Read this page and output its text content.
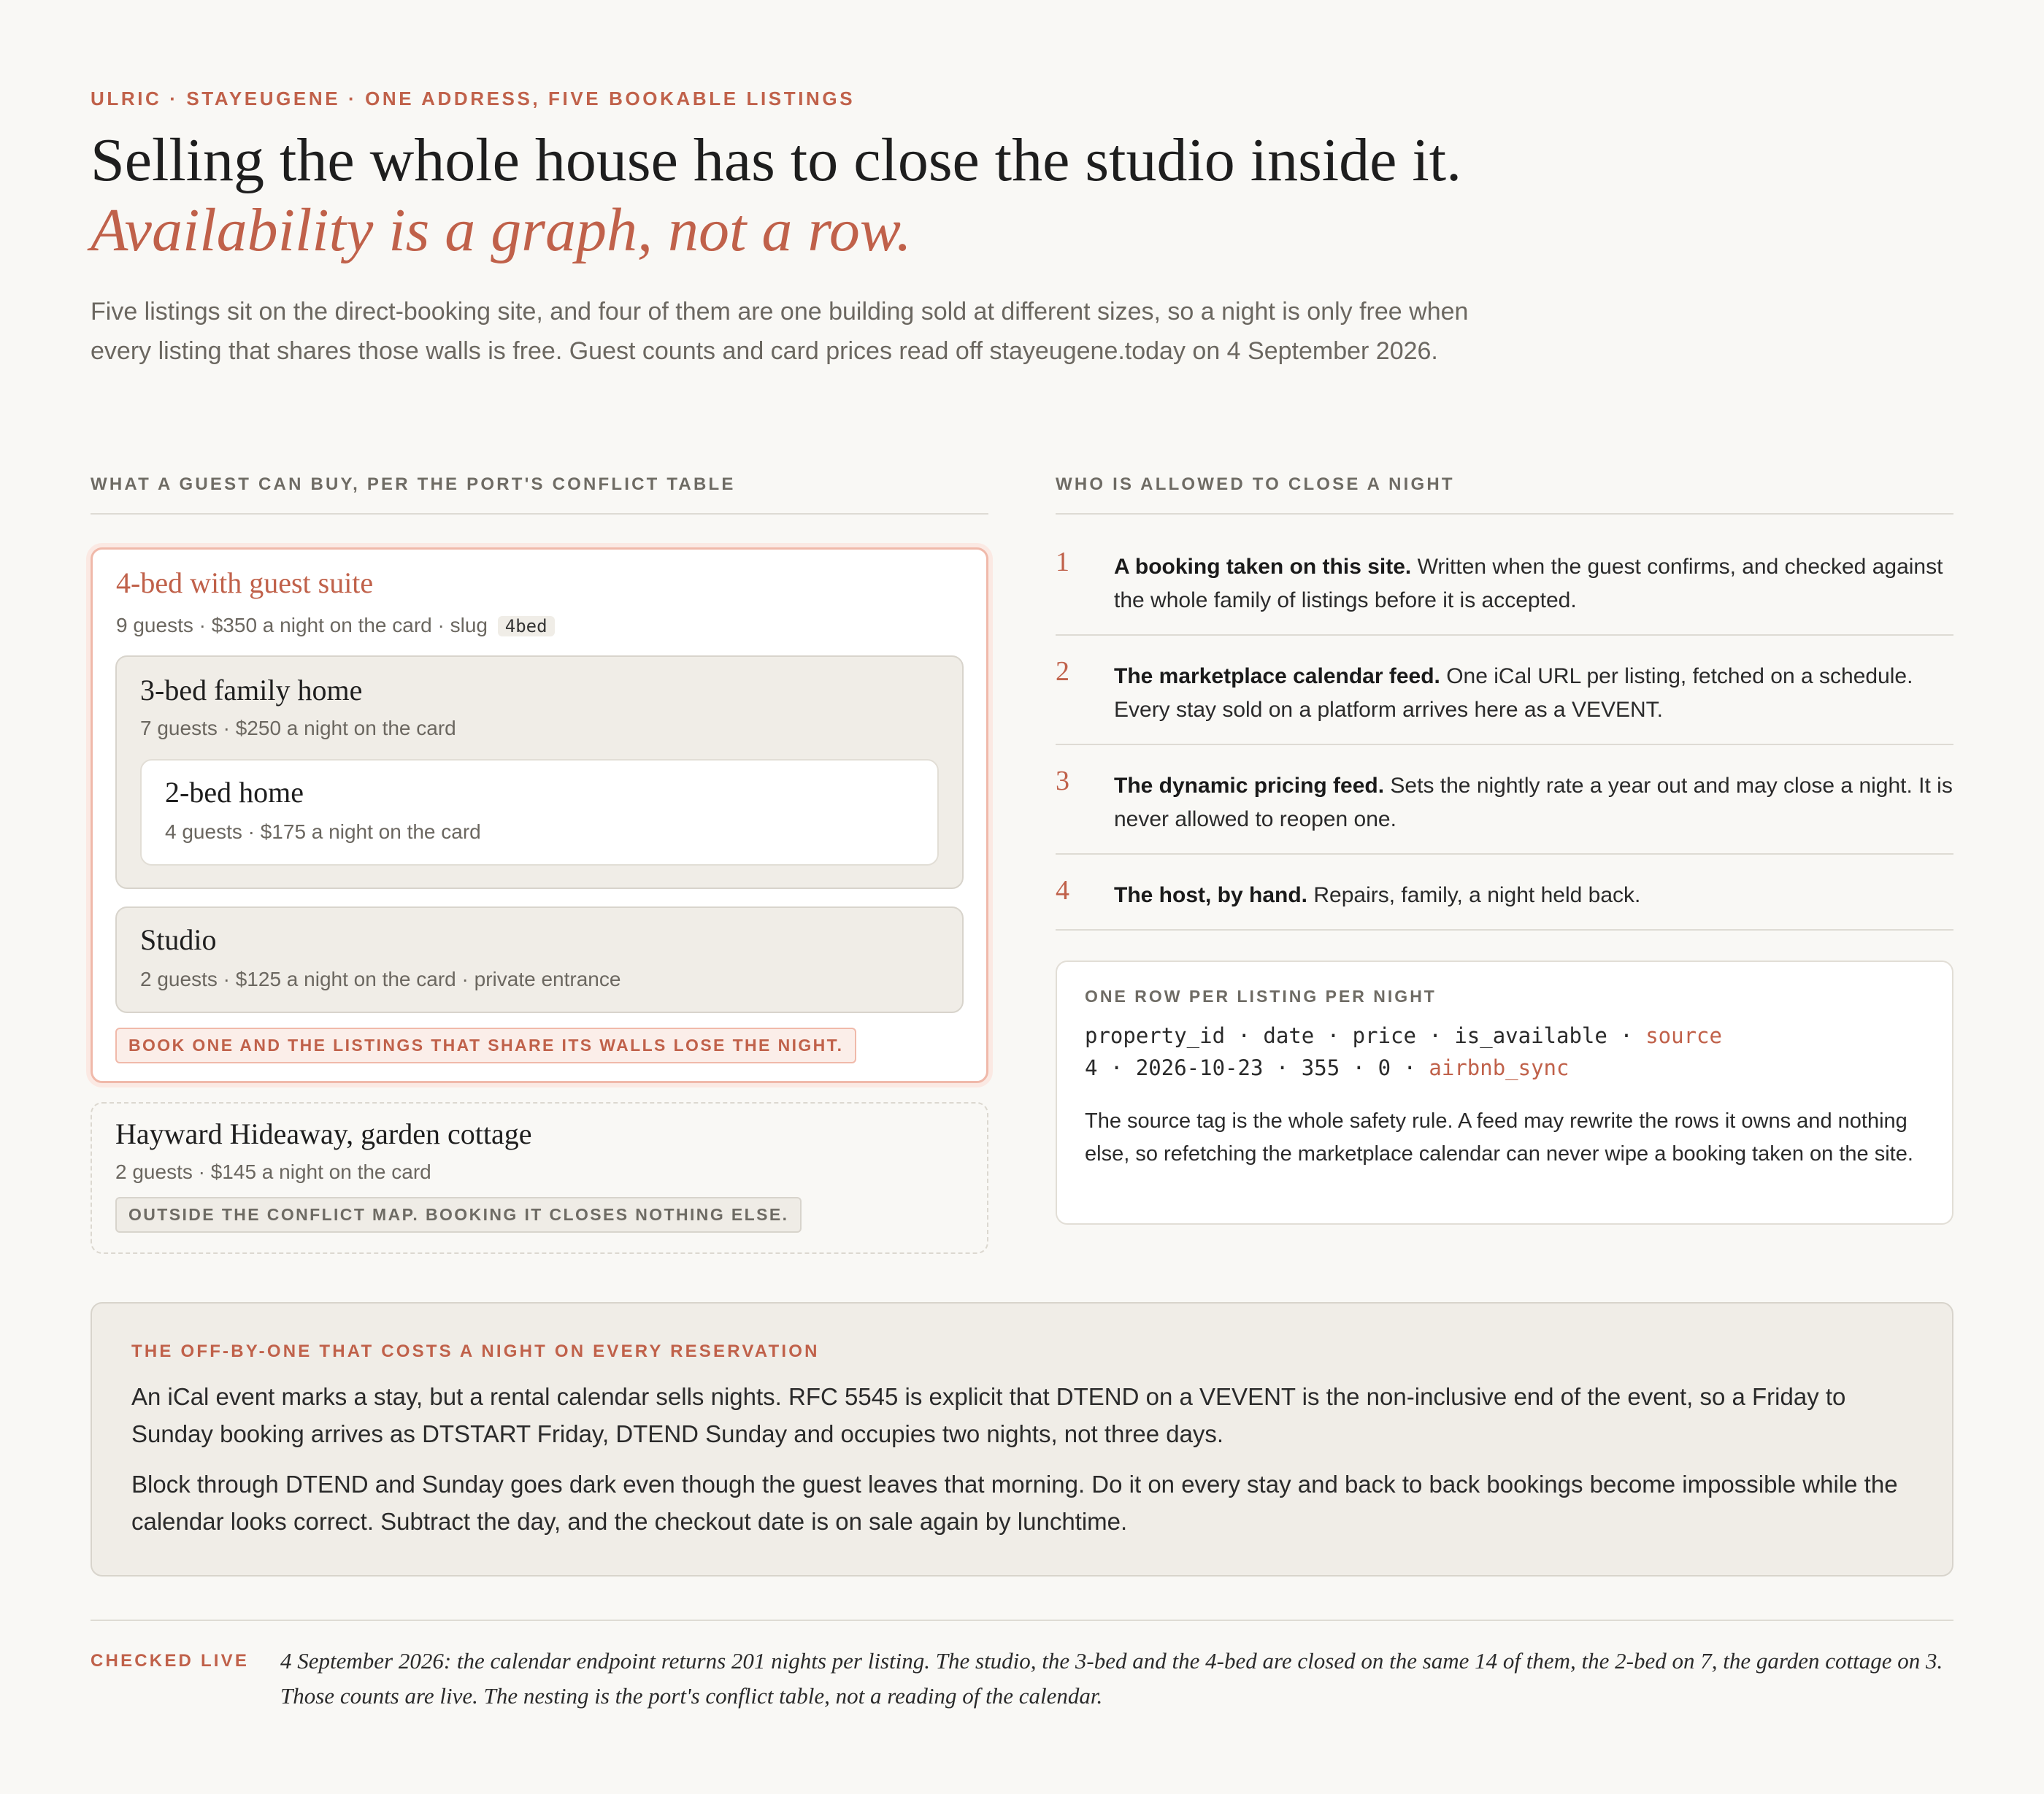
ULRIC · STAYEUGENE · ONE ADDRESS, FIVE BOOKABLE LISTINGS
Selling the whole house has to close the studio inside it.
Availability is a graph, not a row.

Five listings sit on the direct-booking site, and four of them are one building sold at different sizes, so a night is only free when every listing that shares those walls is free. Guest counts and card prices read off stayeugene.today on 4 September 2026.

WHAT A GUEST CAN BUY, PER THE PORT'S CONFLICT TABLE
4-bed with guest suite
9 guests · $350 a night on the card · slug 4bed
3-bed family home
7 guests · $250 a night on the card
2-bed home
4 guests · $175 a night on the card
Studio
2 guests · $125 a night on the card · private entrance
BOOK ONE AND THE LISTINGS THAT SHARE ITS WALLS LOSE THE NIGHT.
Hayward Hideaway, garden cottage
2 guests · $145 a night on the card
OUTSIDE THE CONFLICT MAP. BOOKING IT CLOSES NOTHING ELSE.
WHO IS ALLOWED TO CLOSE A NIGHT
1 A booking taken on this site. Written when the guest confirms, and checked against the whole family of listings before it is accepted.

2 The marketplace calendar feed. One iCal URL per listing, fetched on a schedule. Every stay sold on a platform arrives here as a VEVENT.

3 The dynamic pricing feed. Sets the nightly rate a year out and may close a night. It is never allowed to reopen one.

4 The host, by hand. Repairs, family, a night held back.

ONE ROW PER LISTING PER NIGHT
property_id · date · price · is_available · source
4 · 2026-10-23 · 355 · 0 · airbnb_sync

The source tag is the whole safety rule. A feed may rewrite the rows it owns and nothing else, so refetching the marketplace calendar can never wipe a booking taken on the site.

THE OFF-BY-ONE THAT COSTS A NIGHT ON EVERY RESERVATION

An iCal event marks a stay, but a rental calendar sells nights. RFC 5545 is explicit that DTEND on a VEVENT is the non-inclusive end of the event, so a Friday to Sunday booking arrives as DTSTART Friday, DTEND Sunday and occupies two nights, not three days.

Block through DTEND and Sunday goes dark even though the guest leaves that morning. Do it on every stay and back to back bookings become impossible while the calendar looks correct. Subtract the day, and the checkout date is on sale again by lunchtime.

CHECKED LIVE 4 September 2026: the calendar endpoint returns 201 nights per listing. The studio, the 3-bed and the 4-bed are closed on the same 14 of them, the 2-bed on 7, the garden cottage on 3. Those counts are live. The nesting is the port's conflict table, not a reading of the calendar.
